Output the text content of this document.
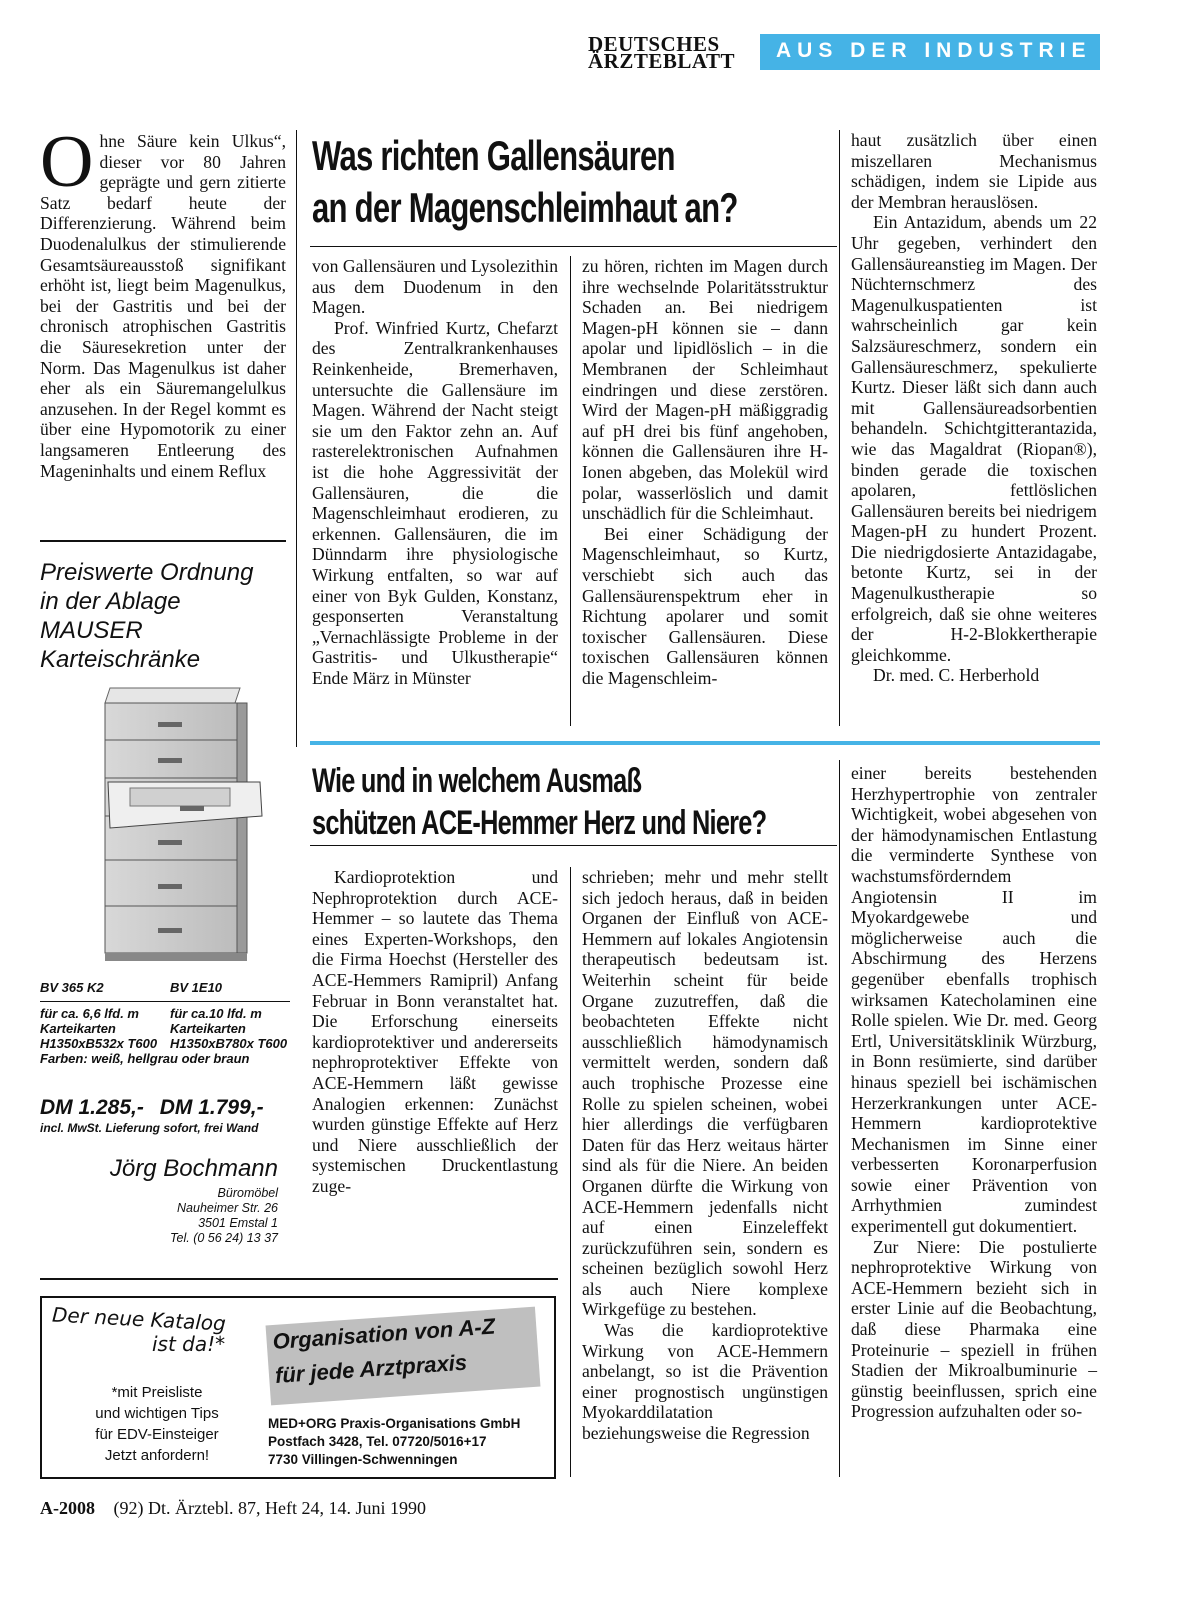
DEUTSCHES
ÄRZTEBLATT	AUS DER INDUSTRIE
O hne Säure kein Ulkus“, dieser vor 80 Jahren geprägte und gern zitierte Satz bedarf heute der Differenzierung. Während beim Duodenalulkus der stimulierende Gesamtsäureausstoß signifikant erhöht ist, liegt beim Magenulkus, bei der Gastritis und bei der chronisch atrophischen Gastritis die Säuresekretion unter der Norm. Das Magenulkus ist daher eher als ein Säuremangelulkus anzusehen. In der Regel kommt es über eine Hypomotorik zu einer langsameren Entleerung des Mageninhalts und einem Reflux
Was richten Gallensäuren
an der Magenschleimhaut an?

von Gallensäuren und Lysolezithin aus dem Duodenum in den Magen.

Prof. Winfried Kurtz, Chefarzt des Zentralkrankenhauses Reinkenheide, Bremerhaven, untersuchte die Gallensäure im Magen. Während der Nacht steigt sie um den Faktor zehn an. Auf rasterelektronischen Aufnahmen ist die hohe Aggressivität der Gallensäuren, die die Magenschleimhaut erodieren, zu erkennen. Gallensäuren, die im Dünndarm ihre physiologische Wirkung entfalten, so war auf einer von Byk Gulden, Konstanz, gesponserten Veranstaltung „Vernachlässigte Probleme in der Gastritis- und Ulkustherapie“ Ende März in Münster

zu hören, richten im Magen durch ihre wechselnde Polaritätsstruktur Schaden an. Bei niedrigem Magen-pH können sie – dann apolar und lipidlöslich – in die Membranen der Schleimhaut eindringen und diese zerstören. Wird der Magen-pH mäßiggradig auf pH drei bis fünf angehoben, können die Gallensäuren ihre H-Ionen abgeben, das Molekül wird polar, wasserlöslich und damit unschädlich für die Schleimhaut.

Bei einer Schädigung der Magenschleimhaut, so Kurtz, verschiebt sich auch das Gallensäurenspektrum eher in Richtung apolarer und somit toxischer Gallensäuren. Diese toxischen Gallensäuren können die Magenschleim-

haut zusätzlich über einen miszellaren Mechanismus schädigen, indem sie Lipide aus der Membran herauslösen.

Ein Antazidum, abends um 22 Uhr gegeben, verhindert den Gallensäureanstieg im Magen. Der Nüchternschmerz des Magenulkuspatienten ist wahrscheinlich gar kein Salzsäureschmerz, sondern ein Gallensäureschmerz, spekulierte Kurtz. Dieser läßt sich dann auch mit Gallensäureadsorbentien behandeln. Schichtgitterantazida, wie das Magaldrat (Riopan®), binden gerade die toxischen apolaren, fettlöslichen Gallensäuren bereits bei niedrigem Magen-pH zu hundert Prozent. Die niedrigdosierte Antazidagabe, betonte Kurtz, sei in der Magenulkustherapie so erfolgreich, daß sie ohne weiteres der H-2-Blokkertherapie gleichkomme.

Dr. med. C. Herberhold

Wie und in welchem Ausmaß
schützen ACE-Hemmer Herz und Niere?

Kardioprotektion und Nephroprotektion durch ACE-Hemmer – so lautete das Thema eines Experten-Workshops, den die Firma Hoechst (Hersteller des ACE-Hemmers Ramipril) Anfang Februar in Bonn veranstaltet hat. Die Erforschung einerseits kardioprotektiver und andererseits nephroprotektiver Effekte von ACE-Hemmern läßt gewisse Analogien erkennen: Zunächst wurden günstige Effekte auf Herz und Niere ausschließlich der systemischen Druckentlastung zuge-

schrieben; mehr und mehr stellt sich jedoch heraus, daß in beiden Organen der Einfluß von ACE-Hemmern auf lokales Angiotensin therapeutisch bedeutsam ist. Weiterhin scheint für beide Organe zuzutreffen, daß die beobachteten Effekte nicht ausschließlich hämodynamisch vermittelt werden, sondern daß auch trophische Prozesse eine Rolle zu spielen scheinen, wobei hier allerdings die verfügbaren Daten für das Herz weitaus härter sind als für die Niere. An beiden Organen dürfte die Wirkung von ACE-Hemmern jedenfalls nicht auf einen Einzeleffekt zurückzuführen sein, sondern es scheinen bezüglich sowohl Herz als auch Niere komplexe Wirkgefüge zu bestehen.

Was die kardioprotektive Wirkung von ACE-Hemmern anbelangt, so ist die Prävention einer prognostisch ungünstigen Myokarddilatation beziehungsweise die Regression

einer bereits bestehenden Herzhypertrophie von zentraler Wichtigkeit, wobei abgesehen von der hämodynamischen Entlastung die verminderte Synthese von wachstumsförderndem Angiotensin II im Myokardgewebe und möglicherweise auch die Abschirmung des Herzens gegenüber ebenfalls trophisch wirksamen Katecholaminen eine Rolle spielen. Wie Dr. med. Georg Ertl, Universitätsklinik Würzburg, in Bonn resümierte, sind darüber hinaus speziell bei ischämischen Herzerkrankungen unter ACE-Hemmern kardioprotektive Mechanismen im Sinne einer verbesserten Koronarperfusion sowie einer Prävention von Arrhythmien zumindest experimentell gut dokumentiert.

Zur Niere: Die postulierte nephroprotektive Wirkung von ACE-Hemmern bezieht sich in erster Linie auf die Beobachtung, daß diese Pharmaka eine Proteinurie – speziell in frühen Stadien der Mikroalbuminurie – günstig beeinflussen, sprich eine Progression aufzuhalten oder so-

Preiswerte Ordnung
in der Ablage
MAUSER
Karteischränke
BV 365 K2	BV 1E10
für ca. 6,6 lfd. m Karteikarten H1350xB532x T600
für ca.10 lfd. m Karteikarten H1350xB780x T600
Farben: weiß, hellgrau oder braun
DM 1.285,- DM 1.799,-
incl. MwSt. Lieferung sofort, frei Wand
Jörg Bochmann
Büromöbel
Nauheimer Str. 26
3501 Emstal 1
Tel. (0 56 24) 13 37
Der neue Katalog
ist da!*
*mit Preisliste
und wichtigen Tips
für EDV-Einsteiger
Jetzt anfordern!
Organisation von A-Z
für jede Arztpraxis
MED+ORG Praxis-Organisations GmbH
Postfach 3428, Tel. 07720/5016+17
7730 Villingen-Schwenningen
A-2008 (92) Dt. Ärztebl. 87, Heft 24, 14. Juni 1990
